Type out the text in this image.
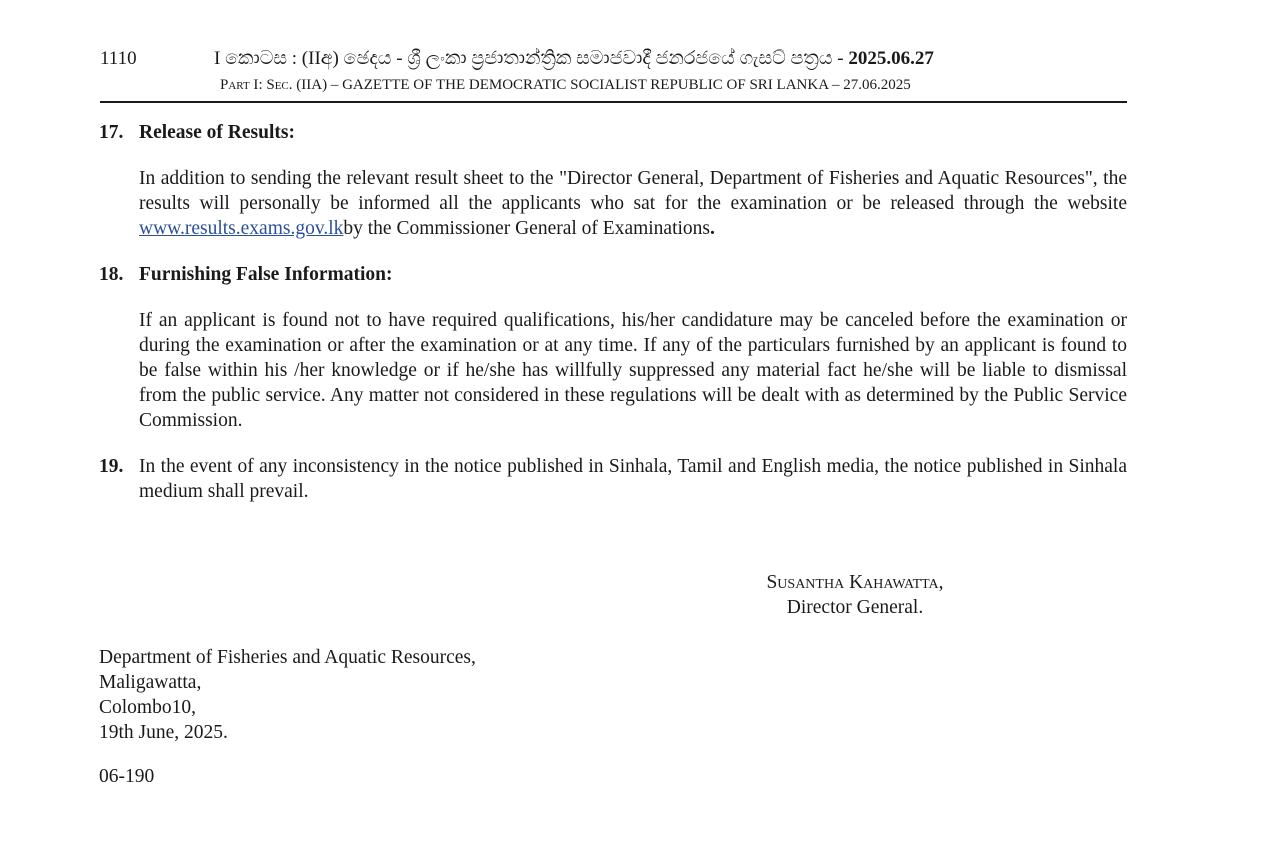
1110	I කොටස : (IIඅ) ඡෙදය - ශ්‍රී ලංකා ප්‍රජාතාන්ත්‍රික සමාජවාදී ජනරජයේ ගැසට් පත්‍රය - 2025.06.27
Part I: Sec. (IIA) – GAZETTE OF THE DEMOCRATIC SOCIALIST REPUBLIC OF SRI LANKA – 27.06.2025
17. Release of Results:
In addition to sending the relevant result sheet to the "Director General, Department of Fisheries and Aquatic Resources", the results will personally be informed all the applicants who sat for the examination or be released through the website www.results.exams.gov.lkby the Commissioner General of Examinations.
18. Furnishing False Information:
If an applicant is found not to have required qualifications, his/her candidature may be canceled before the examination or during the examination or after the examination or at any time. If any of the particulars furnished by an applicant is found to be false within his /her knowledge or if he/she has willfully suppressed any material fact he/she will be liable to dismissal from the public service. Any matter not considered in these regulations will be dealt with as determined by the Public Service Commission.
19. In the event of any inconsistency in the notice published in Sinhala, Tamil and English media, the notice published in Sinhala medium shall prevail.
Susantha Kahawatta,
Director General.
Department of Fisheries and Aquatic Resources,
Maligawatta,
Colombo10,
19th June, 2025.
06-190
